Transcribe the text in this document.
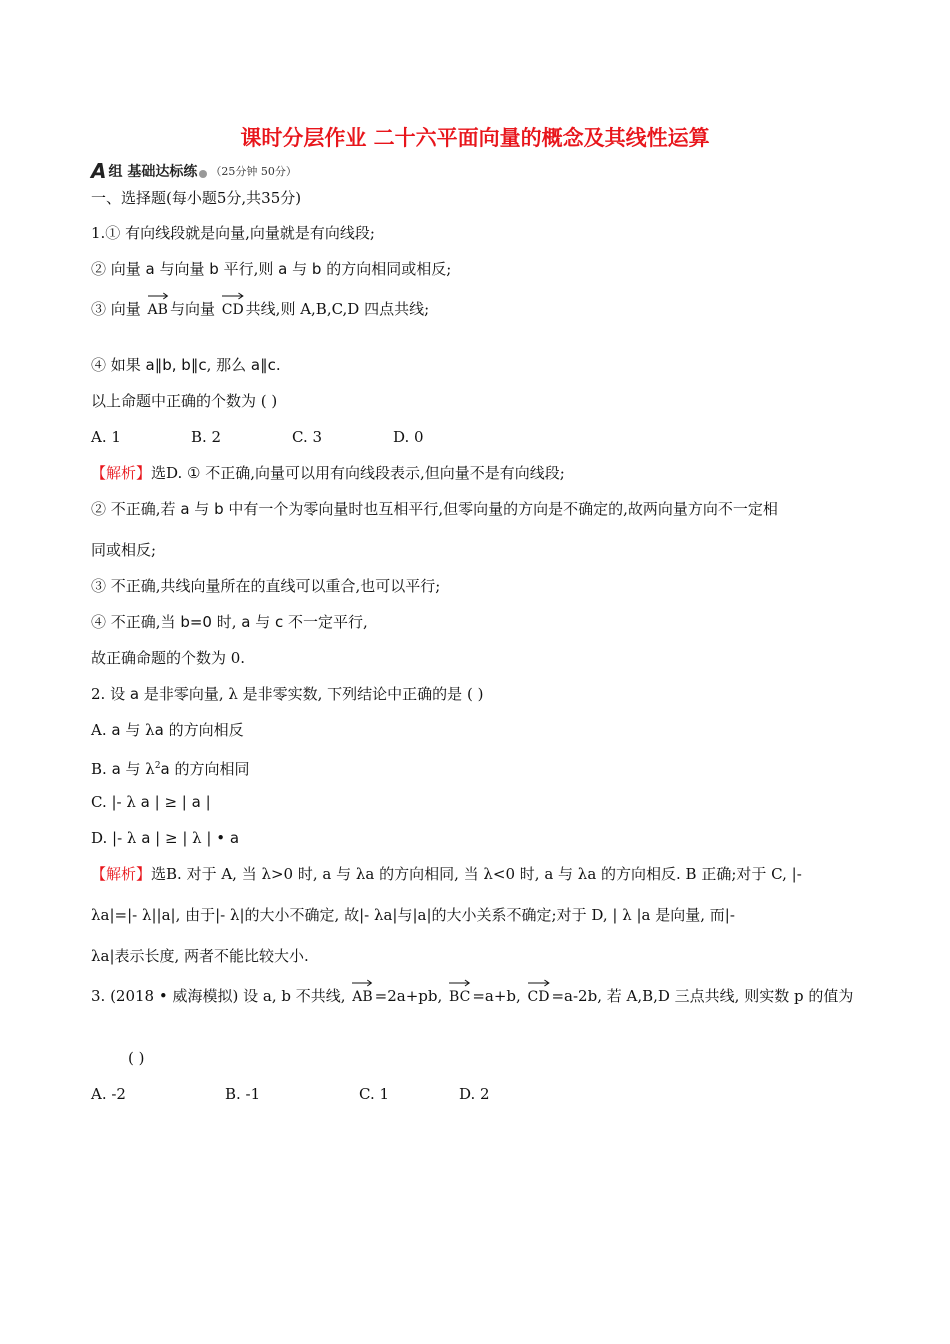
课时分层作业 二十六平面向量的概念及其线性运算
A 组 基础达标练 （25分钟 50分）
一、选择题(每小题5分,共35分)
1.① 有向线段就是向量,向量就是有向线段;
② 向量 a 与向量 b 平行,则 a 与 b 的方向相同或相反;
③ 向量
AB 与向量
CD 共线,则 A,B,C,D 四点共线;
④ 如果 a∥b, b∥c, 那么 a∥c.
以上命题中正确的个数为 ( )
A. 1	B. 2	C. 3	D. 0
【解析】选D. ① 不正确,向量可以用有向线段表示,但向量不是有向线段;
② 不正确,若 a 与 b 中有一个为零向量时也互相平行,但零向量的方向是不确定的,故两向量方向不一定相
同或相反;
③ 不正确,共线向量所在的直线可以重合,也可以平行;
④ 不正确,当 b=0 时, a 与 c 不一定平行,
故正确命题的个数为 0.
2. 设 a 是非零向量, λ 是非零实数, 下列结论中正确的是 ( )
A. a 与 λa 的方向相反
B. a 与 $\lambda^2a$ 的方向相同
C. |- λ a | ≥ | a |
D. |- λ a | ≥ | λ | • a
【解析】选B. 对于 A, 当 λ>0 时, a 与 λa 的方向相同, 当 λ<0 时, a 与 λa 的方向相反. B 正确;对于 C, |-
λa|=|- λ||a|, 由于|- λ|的大小不确定, 故|- λa|与|a|的大小关系不确定;对于 D, | λ |a 是向量, 而|-
λa|表示长度, 两者不能比较大小.
3. (2018 • 威海模拟) 设 a, b 不共线,
AB =2a+pb,
BC =a+b,
CD =a-2b, 若 A,B,D 三点共线, 则实数 p 的值为
( )
A. -2	B. -1	C. 1	D. 2
